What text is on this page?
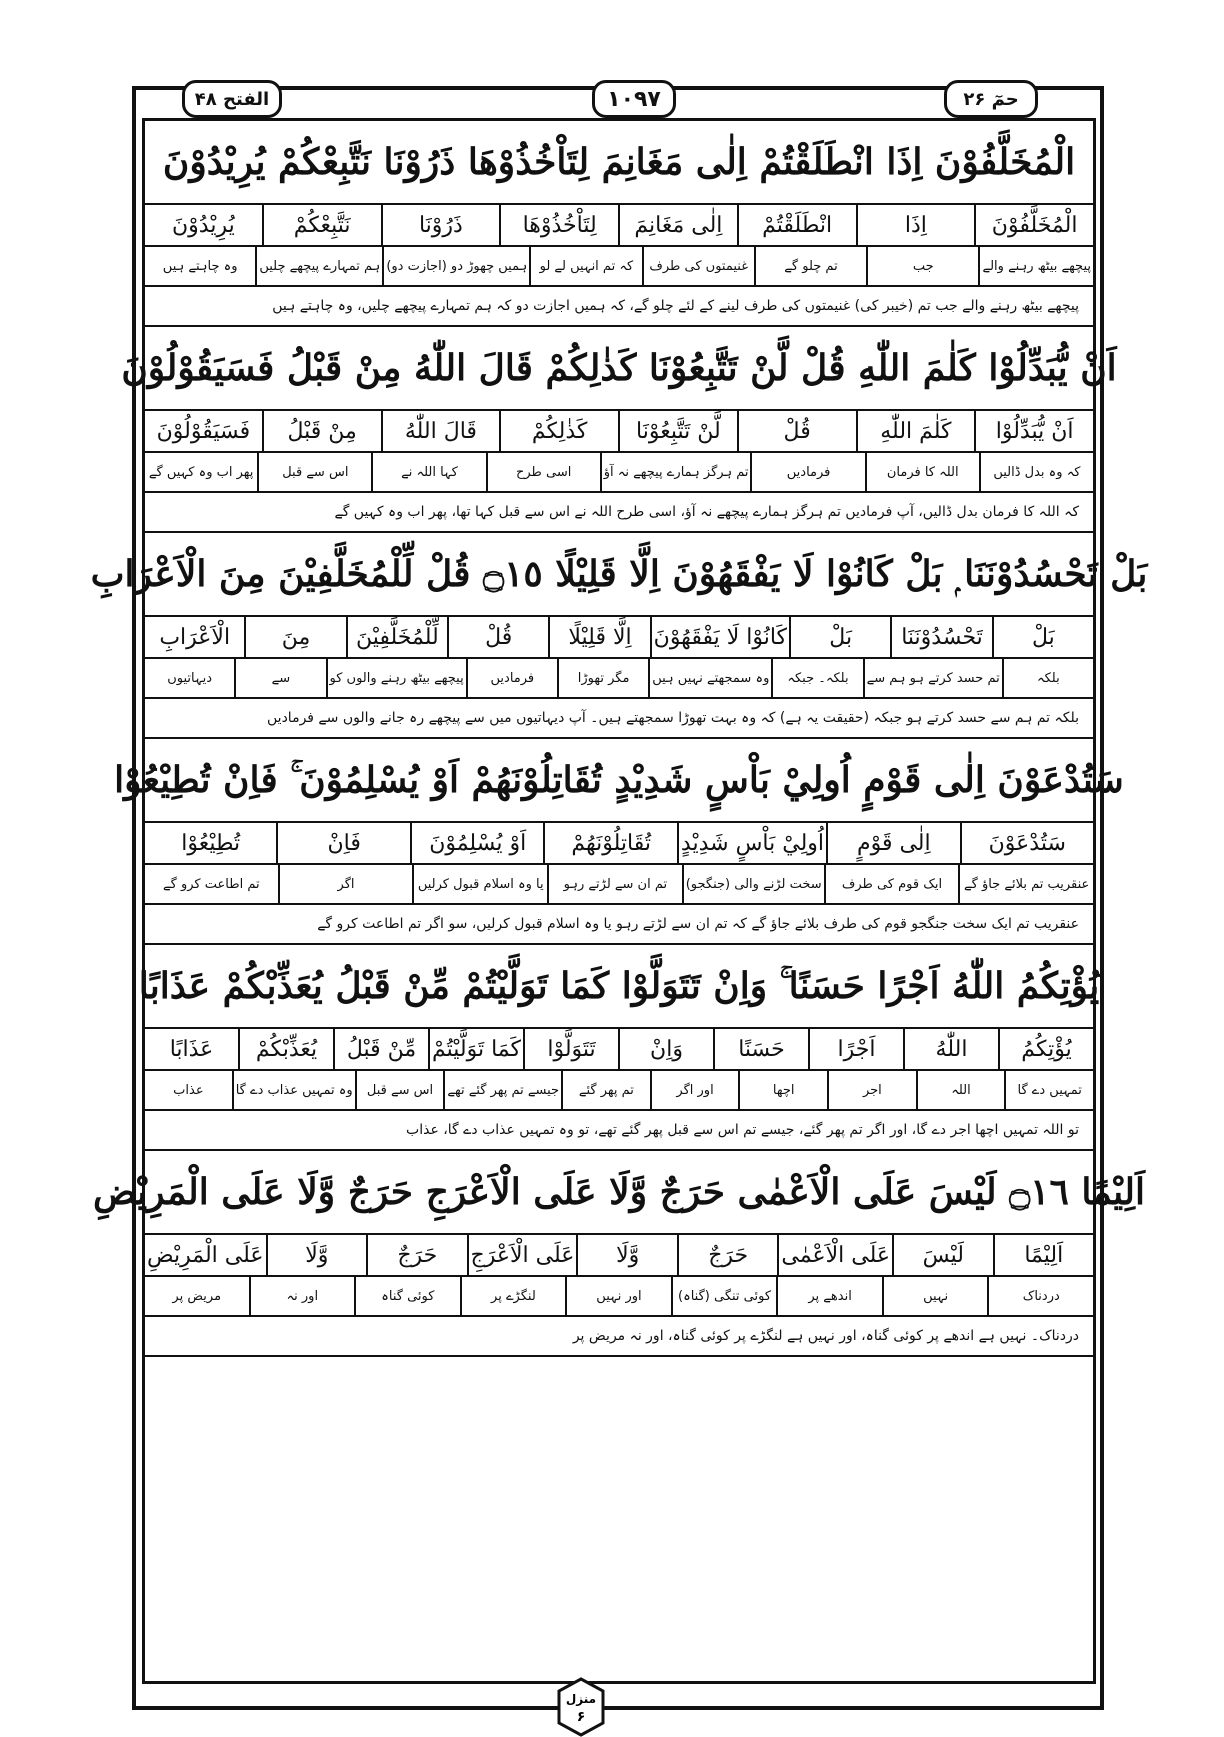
الفتح ۴۸	۱۰۹۷	حمٓ ۲۶
الْمُخَلَّفُوْنَ اِذَا انْطَلَقْتُمْ اِلٰى مَغَانِمَ لِتَاْخُذُوْهَا ذَرُوْنَا نَتَّبِعْكُمْ يُرِيْدُوْنَ
الْمُخَلَّفُوْنَ
اِذَا
انْطَلَقْتُمْ
اِلٰى مَغَانِمَ
لِتَاْخُذُوْهَا
ذَرُوْنَا
نَتَّبِعْكُمْ
يُرِيْدُوْنَ
پیچھے بیٹھ رہنے والے
جب
تم چلو گے
غنیمتوں کی طرف
کہ تم انہیں لے لو
ہمیں چھوڑ دو (اجازت دو)
ہم تمہارے پیچھے چلیں
وہ چاہتے ہیں
پیچھے بیٹھ رہنے والے جب تم (خیبر کی) غنیمتوں کی طرف لینے کے لئے چلو گے، کہ ہمیں اجازت دو کہ ہم تمہارے پیچھے چلیں، وہ چاہتے ہیں
اَنْ يُّبَدِّلُوْا كَلٰمَ اللّٰهِ قُلْ لَّنْ تَتَّبِعُوْنَا كَذٰلِكُمْ قَالَ اللّٰهُ مِنْ قَبْلُ فَسَيَقُوْلُوْنَ
اَنْ يُّبَدِّلُوْا
كَلٰمَ اللّٰهِ
قُلْ
لَّنْ تَتَّبِعُوْنَا
كَذٰلِكُمْ
قَالَ اللّٰهُ
مِنْ قَبْلُ
فَسَيَقُوْلُوْنَ
کہ وہ بدل ڈالیں
اللہ کا فرمان
فرمادیں
تم ہرگز ہمارے پیچھے نہ آؤ
اسی طرح
کہا اللہ نے
اس سے قبل
پھر اب وہ کہیں گے
کہ اللہ کا فرمان بدل ڈالیں، آپ فرمادیں تم ہرگز ہمارے پیچھے نہ آؤ، اسی طرح اللہ نے اس سے قبل کہا تھا، پھر اب وہ کہیں گے
بَلْ تَحْسُدُوْنَنَا ۭ بَلْ كَانُوْا لَا يَفْقَهُوْنَ اِلَّا قَلِيْلًا ۝١٥ قُلْ لِّلْمُخَلَّفِيْنَ مِنَ الْاَعْرَابِ
بَلْ
تَحْسُدُوْنَنَا
بَلْ
كَانُوْا لَا يَفْقَهُوْنَ
اِلَّا قَلِيْلًا
قُلْ
لِّلْمُخَلَّفِيْنَ
مِنَ
الْاَعْرَابِ
بلکہ
تم حسد کرتے ہو ہم سے
بلکہ۔ جبکہ
وہ سمجھتے نہیں ہیں
مگر تھوڑا
فرمادیں
پیچھے بیٹھ رہنے والوں کو
سے
دیہاتیوں
بلکہ تم ہم سے حسد کرتے ہو جبکہ (حقیقت یہ ہے) کہ وہ بہت تھوڑا سمجھتے ہیں۔ آپ دیہاتیوں میں سے پیچھے رہ جانے والوں سے فرمادیں
سَتُدْعَوْنَ اِلٰى قَوْمٍ اُولِيْ بَاْسٍ شَدِيْدٍ تُقَاتِلُوْنَهُمْ اَوْ يُسْلِمُوْنَ ۚ فَاِنْ تُطِيْعُوْا
سَتُدْعَوْنَ
اِلٰى قَوْمٍ
اُولِيْ بَاْسٍ شَدِيْدٍ
تُقَاتِلُوْنَهُمْ
اَوْ يُسْلِمُوْنَ
فَاِنْ
تُطِيْعُوْا
عنقریب تم بلائے جاؤ گے
ایک قوم کی طرف
سخت لڑنے والی (جنگجو)
تم ان سے لڑتے رہو
یا وہ اسلام قبول کرلیں
اگر
تم اطاعت کرو گے
عنقریب تم ایک سخت جنگجو قوم کی طرف بلائے جاؤ گے کہ تم ان سے لڑتے رہو یا وہ اسلام قبول کرلیں، سو اگر تم اطاعت کرو گے
يُؤْتِكُمُ اللّٰهُ اَجْرًا حَسَنًا ۚ وَاِنْ تَتَوَلَّوْا كَمَا تَوَلَّيْتُمْ مِّنْ قَبْلُ يُعَذِّبْكُمْ عَذَابًا
يُؤْتِكُمُ
اللّٰهُ
اَجْرًا
حَسَنًا
وَاِنْ
تَتَوَلَّوْا
كَمَا تَوَلَّيْتُمْ
مِّنْ قَبْلُ
يُعَذِّبْكُمْ
عَذَابًا
تمہیں دے گا
اللہ
اجر
اچھا
اور اگر
تم پھر گئے
جیسے تم پھر گئے تھے
اس سے قبل
وہ تمہیں عذاب دے گا
عذاب
تو اللہ تمہیں اچھا اجر دے گا، اور اگر تم پھر گئے، جیسے تم اس سے قبل پھر گئے تھے، تو وہ تمہیں عذاب دے گا، عذاب
اَلِيْمًا ۝١٦ لَيْسَ عَلَى الْاَعْمٰى حَرَجٌ وَّلَا عَلَى الْاَعْرَجِ حَرَجٌ وَّلَا عَلَى الْمَرِيْضِ
اَلِيْمًا
لَيْسَ
عَلَى الْاَعْمٰى
حَرَجٌ
وَّلَا
عَلَى الْاَعْرَجِ
حَرَجٌ
وَّلَا
عَلَى الْمَرِيْضِ
دردناک
نہیں
اندھے پر
کوئی تنگی (گناہ)
اور نہیں
لنگڑے پر
کوئی گناہ
اور نہ
مریض پر
دردناک۔ نہیں ہے اندھے پر کوئی گناہ، اور نہیں ہے لنگڑے پر کوئی گناہ، اور نہ مریض پر
منزل
۶
